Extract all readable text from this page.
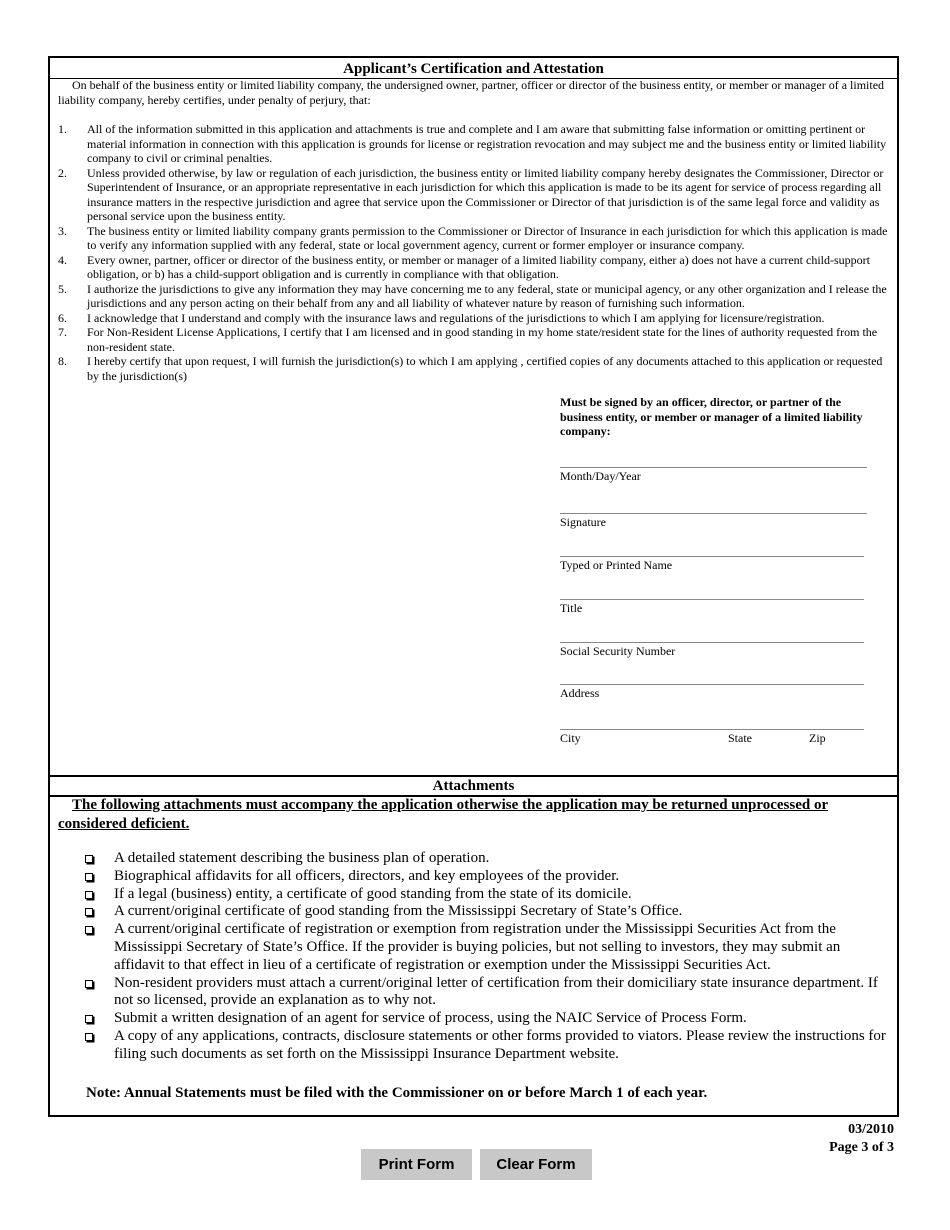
Applicant’s Certification and Attestation
On behalf of the business entity or limited liability company, the undersigned owner, partner, officer or director of the business entity, or member or manager of a limited liability company, hereby certifies, under penalty of perjury, that:
1. All of the information submitted in this application and attachments is true and complete and I am aware that submitting false information or omitting pertinent or material information in connection with this application is grounds for license or registration revocation and may subject me and the business entity or limited liability company to civil or criminal penalties.
2. Unless provided otherwise, by law or regulation of each jurisdiction, the business entity or limited liability company hereby designates the Commissioner, Director or Superintendent of Insurance, or an appropriate representative in each jurisdiction for which this application is made to be its agent for service of process regarding all insurance matters in the respective jurisdiction and agree that service upon the Commissioner or Director of that jurisdiction is of the same legal force and validity as personal service upon the business entity.
3. The business entity or limited liability company grants permission to the Commissioner or Director of Insurance in each jurisdiction for which this application is made to verify any information supplied with any federal, state or local government agency, current or former employer or insurance company.
4. Every owner, partner, officer or director of the business entity, or member or manager of a limited liability company, either a) does not have a current child-support obligation, or b) has a child-support obligation and is currently in compliance with that obligation.
5. I authorize the jurisdictions to give any information they may have concerning me to any federal, state or municipal agency, or any other organization and I release the jurisdictions and any person acting on their behalf from any and all liability of whatever nature by reason of furnishing such information.
6. I acknowledge that I understand and comply with the insurance laws and regulations of the jurisdictions to which I am applying for licensure/registration.
7. For Non-Resident License Applications, I certify that I am licensed and in good standing in my home state/resident state for the lines of authority requested from the non-resident state.
8. I hereby certify that upon request, I will furnish the jurisdiction(s) to which I am applying , certified copies of any documents attached to this application or requested by the jurisdiction(s)
Must be signed by an officer, director, or partner of the business entity, or member or manager of a limited liability company:
Month/Day/Year
Signature
Typed or Printed Name
Title
Social Security Number
Address
City	State	Zip
Attachments
The following attachments must accompany the application otherwise the application may be returned unprocessed or considered deficient.
A detailed statement describing the business plan of operation.
Biographical affidavits for all officers, directors, and key employees of the provider.
If a legal (business) entity, a certificate of good standing from the state of its domicile.
A current/original certificate of good standing from the Mississippi Secretary of State’s Office.
A current/original certificate of registration or exemption from registration under the Mississippi Securities Act from the Mississippi Secretary of State’s Office. If the provider is buying policies, but not selling to investors, they may submit an affidavit to that effect in lieu of a certificate of registration or exemption under the Mississippi Securities Act.
Non-resident providers must attach a current/original letter of certification from their domiciliary state insurance department. If not so licensed, provide an explanation as to why not.
Submit a written designation of an agent for service of process, using the NAIC Service of Process Form.
A copy of any applications, contracts, disclosure statements or other forms provided to viators. Please review the instructions for filing such documents as set forth on the Mississippi Insurance Department website.
Note: Annual Statements must be filed with the Commissioner on or before March 1 of each year.
03/2010
Page 3 of 3
Print Form	Clear Form
